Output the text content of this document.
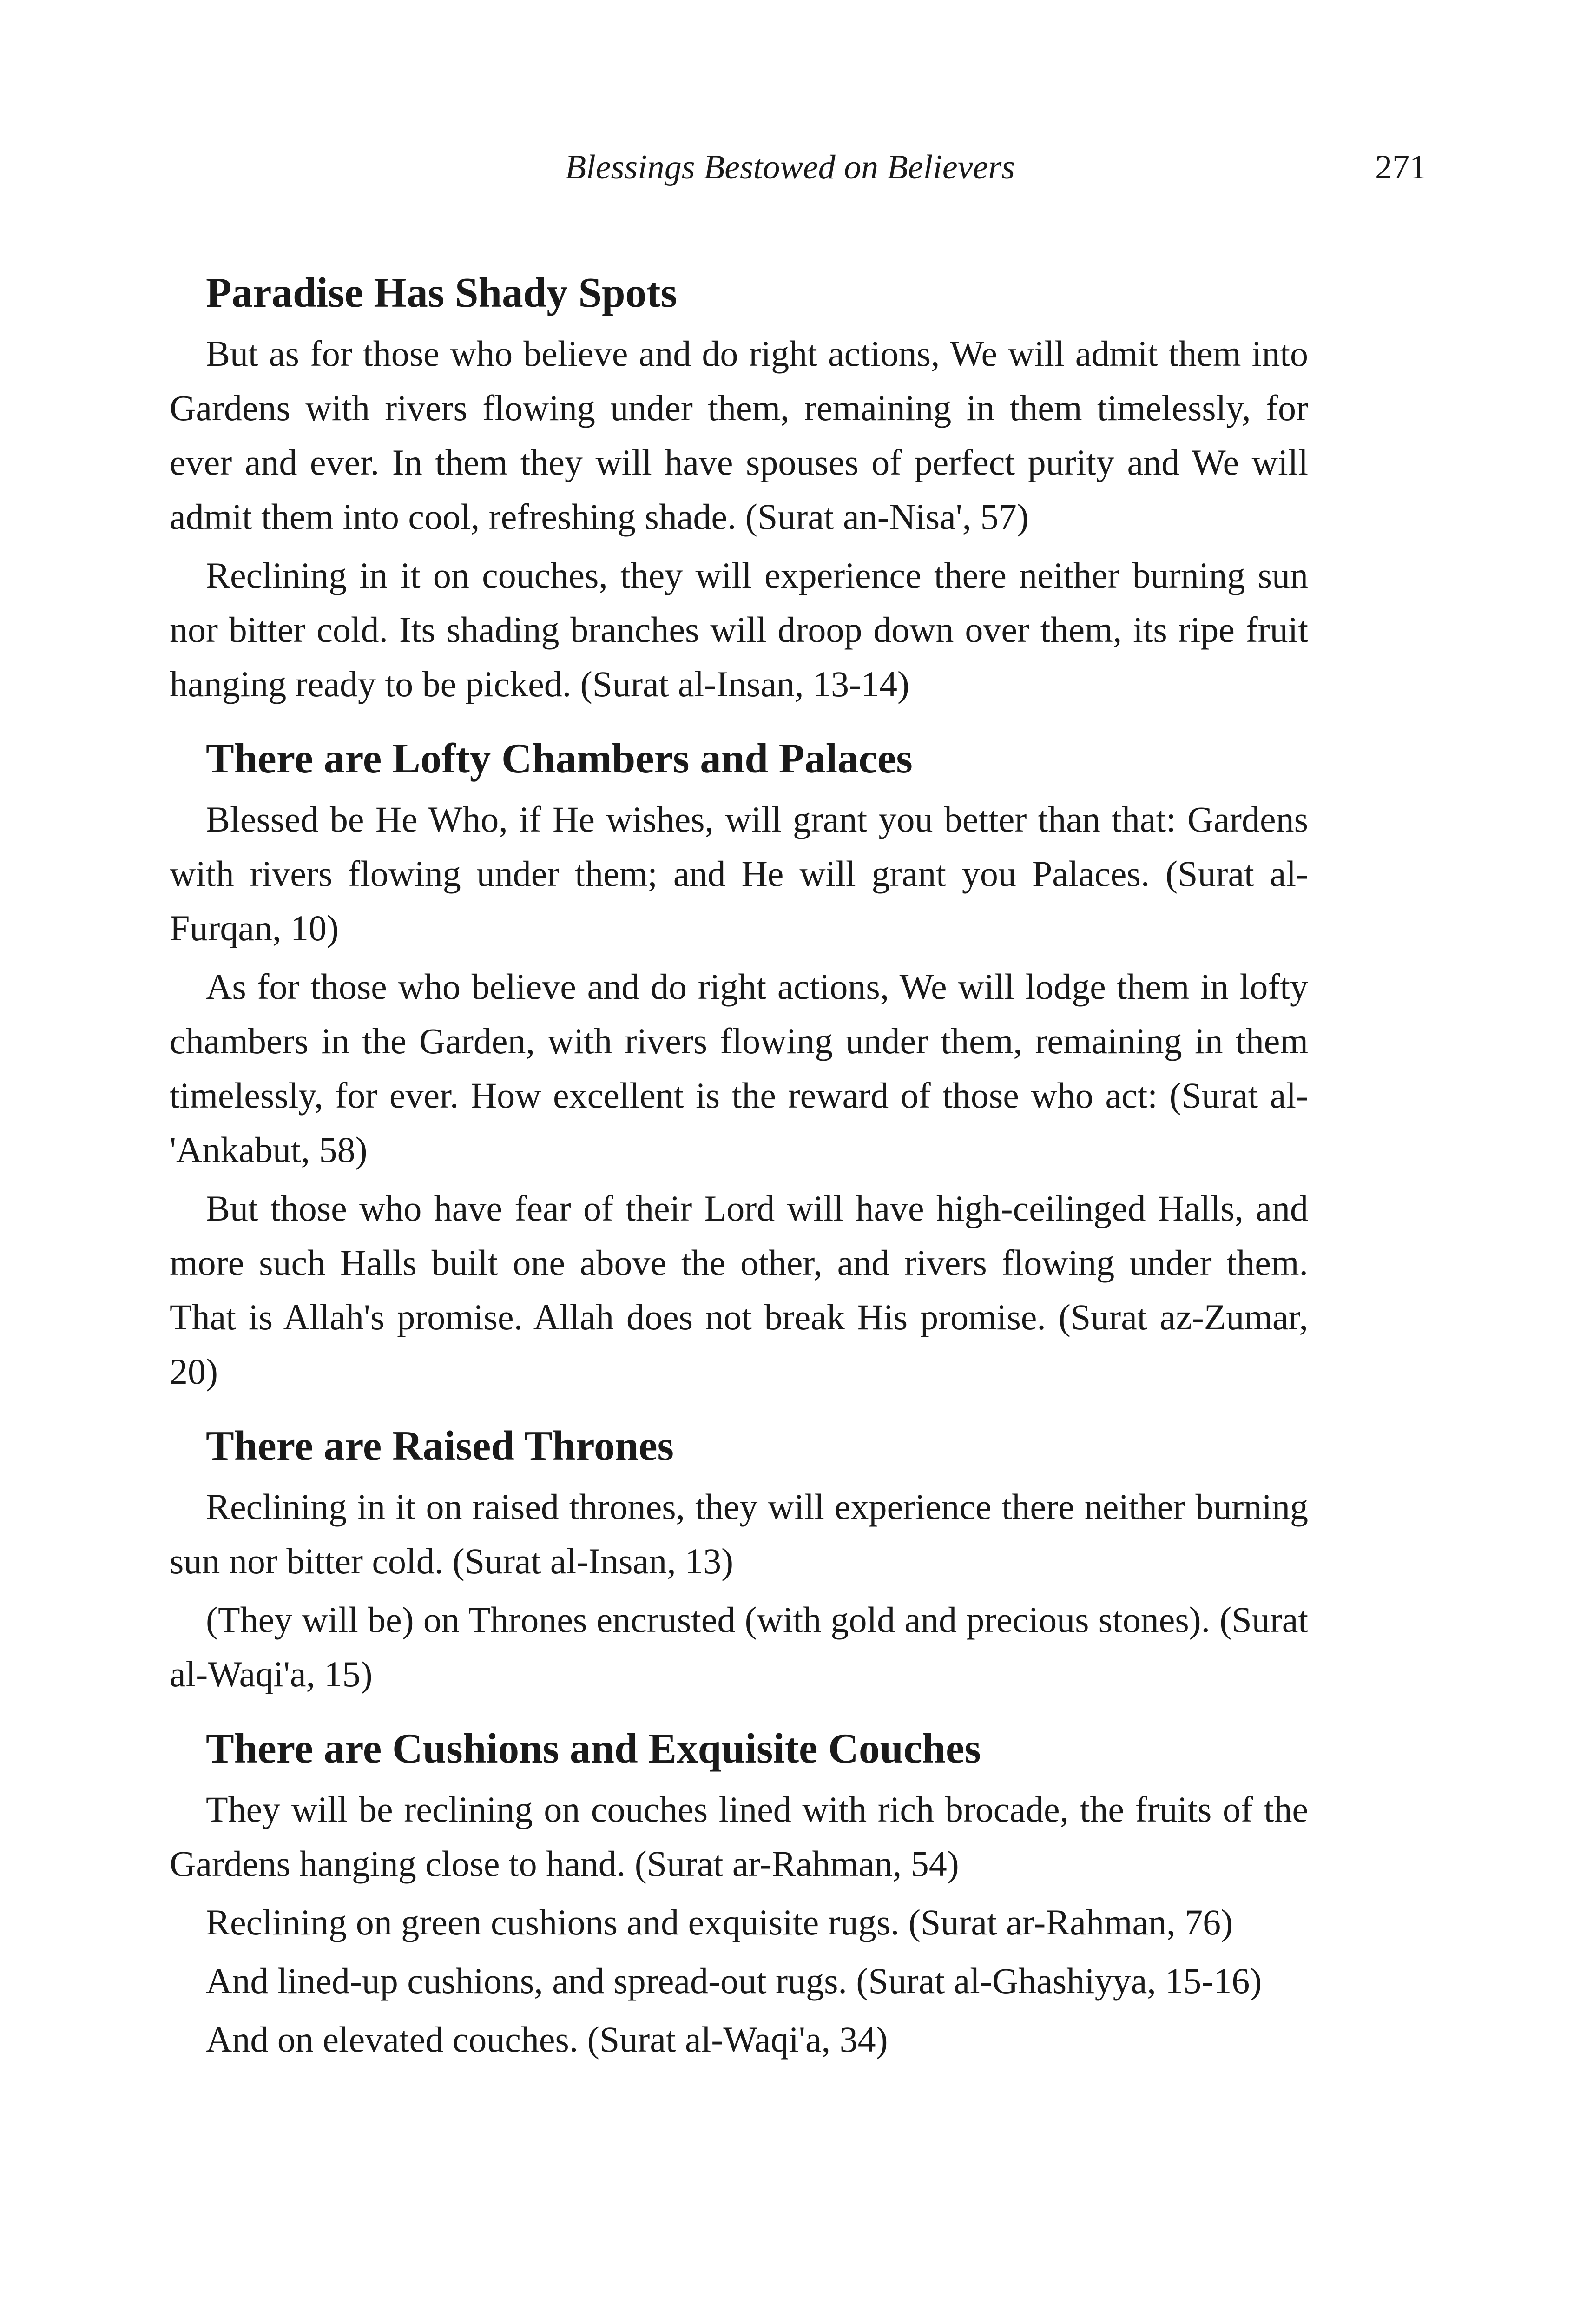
Blessings Bestowed on Believers	271
Paradise Has Shady Spots

But as for those who believe and do right actions, We will admit them into Gardens with rivers flowing under them, remaining in them timelessly, for ever and ever. In them they will have spouses of perfect purity and We will admit them into cool, refreshing shade. (Surat an-Nisa', 57)

Reclining in it on couches, they will experience there neither burning sun nor bitter cold. Its shading branches will droop down over them, its ripe fruit hanging ready to be picked. (Surat al-Insan, 13-14)

There are Lofty Chambers and Palaces

Blessed be He Who, if He wishes, will grant you better than that: Gardens with rivers flowing under them; and He will grant you Palaces. (Surat al-Furqan, 10)

As for those who believe and do right actions, We will lodge them in lofty chambers in the Garden, with rivers flowing under them, remaining in them timelessly, for ever. How excellent is the reward of those who act: (Surat al-'Ankabut, 58)

But those who have fear of their Lord will have high-ceilinged Halls, and more such Halls built one above the other, and rivers flowing under them. That is Allah's promise. Allah does not break His promise. (Surat az-Zumar, 20)

There are Raised Thrones

Reclining in it on raised thrones, they will experience there neither burning sun nor bitter cold. (Surat al-Insan, 13)

(They will be) on Thrones encrusted (with gold and precious stones). (Surat al-Waqi'a, 15)

There are Cushions and Exquisite Couches

They will be reclining on couches lined with rich brocade, the fruits of the Gardens hanging close to hand. (Surat ar-Rahman, 54)

Reclining on green cushions and exquisite rugs. (Surat ar-Rahman, 76)

And lined-up cushions, and spread-out rugs. (Surat al-Ghashiyya, 15-16)

And on elevated couches. (Surat al-Waqi'a, 34)
